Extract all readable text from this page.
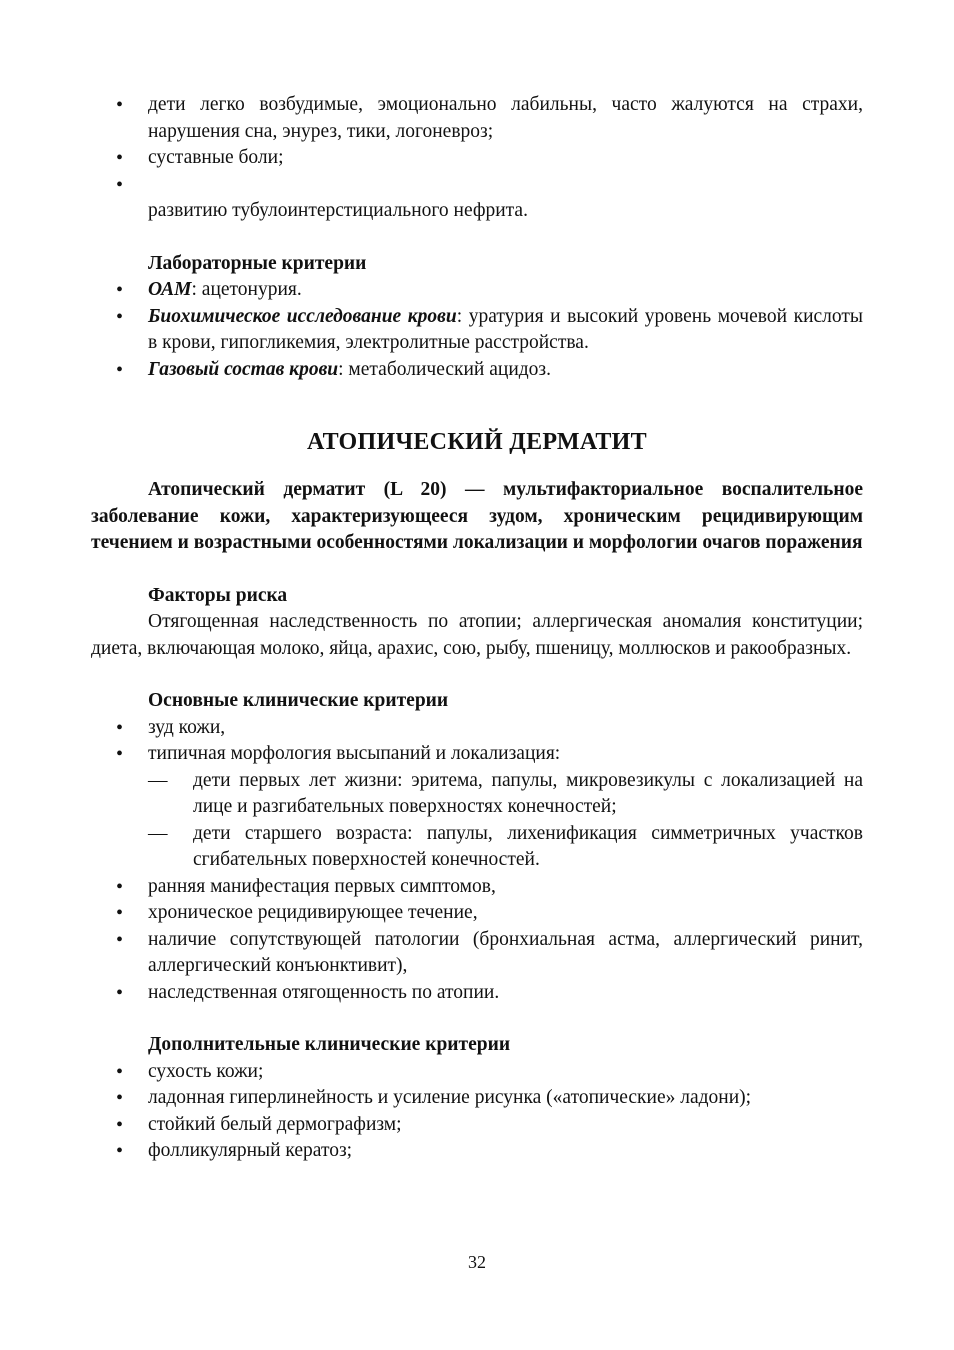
• дети легко возбудимые, эмоционально лабильны, часто жалуются на страхи, нарушения сна, энурез, тики, логоневроз;
• суставные боли;
•
развитию тубулоинтерстициального нефрита.
Лабораторные критерии
• ОАМ: ацетонурия.
• Биохимическое исследование крови: уратурия и высокий уровень мочевой кислоты в крови, гипогликемия, электролитные расстройства.
• Газовый состав крови: метаболический ацидоз.
АТОПИЧЕСКИЙ ДЕРМАТИТ

Атопический дерматит (L 20) — мультифакториальное воспалительное заболевание кожи, характеризующееся зудом, хроническим рецидивирующим течением и возрастными особенностями локализации и морфологии очагов поражения

Факторы риска

Отягощенная наследственность по атопии; аллергическая аномалия конституции; диета, включающая молоко, яйца, арахис, сою, рыбу, пшеницу, моллюсков и ракообразных.

Основные клинические критерии
• зуд кожи,
• типичная морфология высыпаний и локализация:
— дети первых лет жизни: эритема, папулы, микровезикулы с локализацией на лице и разгибательных поверхностях конечностей;
— дети старшего возраста: папулы, лихенификация симметричных участков сгибательных поверхностей конечностей.
• ранняя манифестация первых симптомов,
• хроническое рецидивирующее течение,
• наличие сопутствующей патологии (бронхиальная астма, аллергический ринит, аллергический конъюнктивит),
• наследственная отягощенность по атопии.
Дополнительные клинические критерии
• сухость кожи;
• ладонная гиперлинейность и усиление рисунка («атопические» ладони);
• стойкий белый дермографизм;
• фолликулярный кератоз;
32
